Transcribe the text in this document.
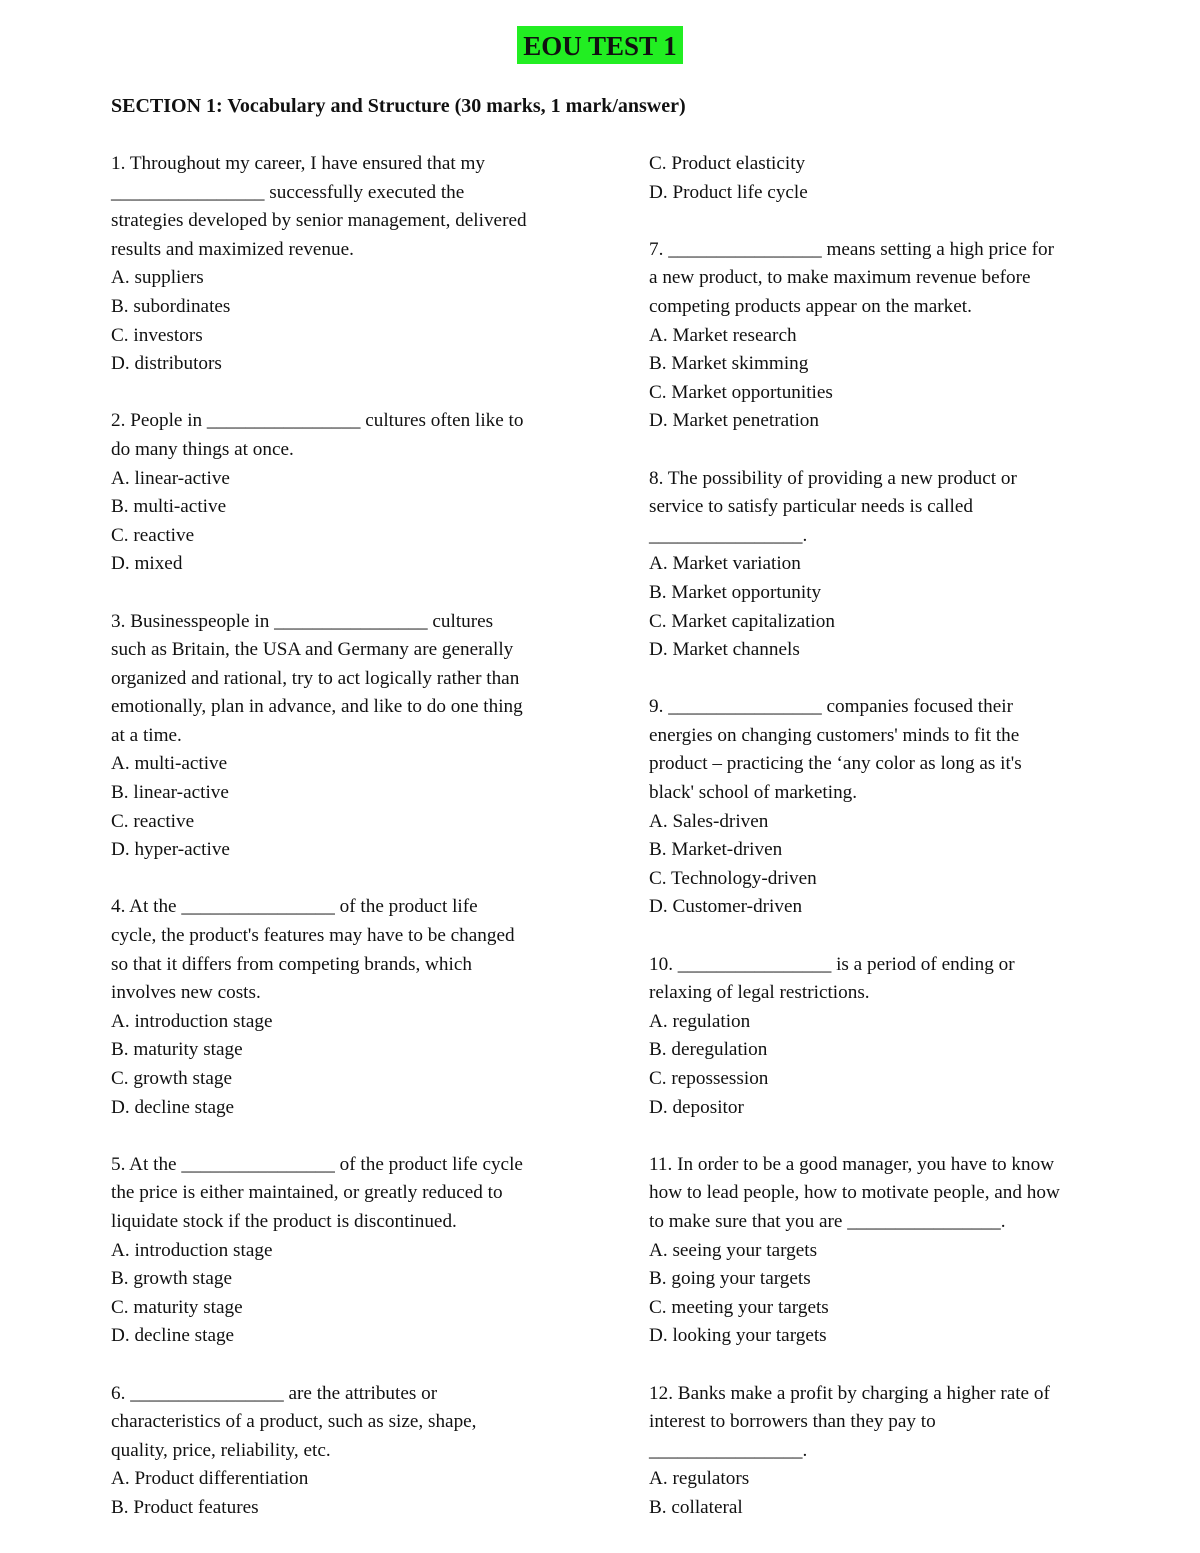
EOU TEST 1
SECTION 1: Vocabulary and Structure (30 marks, 1 mark/answer)
1. Throughout my career, I have ensured that my
________________ successfully executed the
strategies developed by senior management, delivered
results and maximized revenue.
A. suppliers
B. subordinates
C. investors
D. distributors
2. People in ________________ cultures often like to
do many things at once.
A. linear-active
B. multi-active
C. reactive
D. mixed
3. Businesspeople in ________________ cultures
such as Britain, the USA and Germany are generally
organized and rational, try to act logically rather than
emotionally, plan in advance, and like to do one thing
at a time.
A. multi-active
B. linear-active
C. reactive
D. hyper-active
4. At the ________________ of the product life
cycle, the product's features may have to be changed
so that it differs from competing brands, which
involves new costs.
A. introduction stage
B. maturity stage
C. growth stage
D. decline stage
5. At the ________________ of the product life cycle
the price is either maintained, or greatly reduced to
liquidate stock if the product is discontinued.
A. introduction stage
B. growth stage
C. maturity stage
D. decline stage
6. ________________ are the attributes or
characteristics of a product, such as size, shape,
quality, price, reliability, etc.
A. Product differentiation
B. Product features
C. Product elasticity
D. Product life cycle
7. ________________ means setting a high price for
a new product, to make maximum revenue before
competing products appear on the market.
A. Market research
B. Market skimming
C. Market opportunities
D. Market penetration
8. The possibility of providing a new product or
service to satisfy particular needs is called
________________.
A. Market variation
B. Market opportunity
C. Market capitalization
D. Market channels
9. ________________ companies focused their
energies on changing customers' minds to fit the
product – practicing the ‘any color as long as it's
black' school of marketing.
A. Sales-driven
B. Market-driven
C. Technology-driven
D. Customer-driven
10. ________________ is a period of ending or
relaxing of legal restrictions.
A. regulation
B. deregulation
C. repossession
D. depositor
11. In order to be a good manager, you have to know
how to lead people, how to motivate people, and how
to make sure that you are ________________.
A. seeing your targets
B. going your targets
C. meeting your targets
D. looking your targets
12. Banks make a profit by charging a higher rate of
interest to borrowers than they pay to
________________.
A. regulators
B. collateral
